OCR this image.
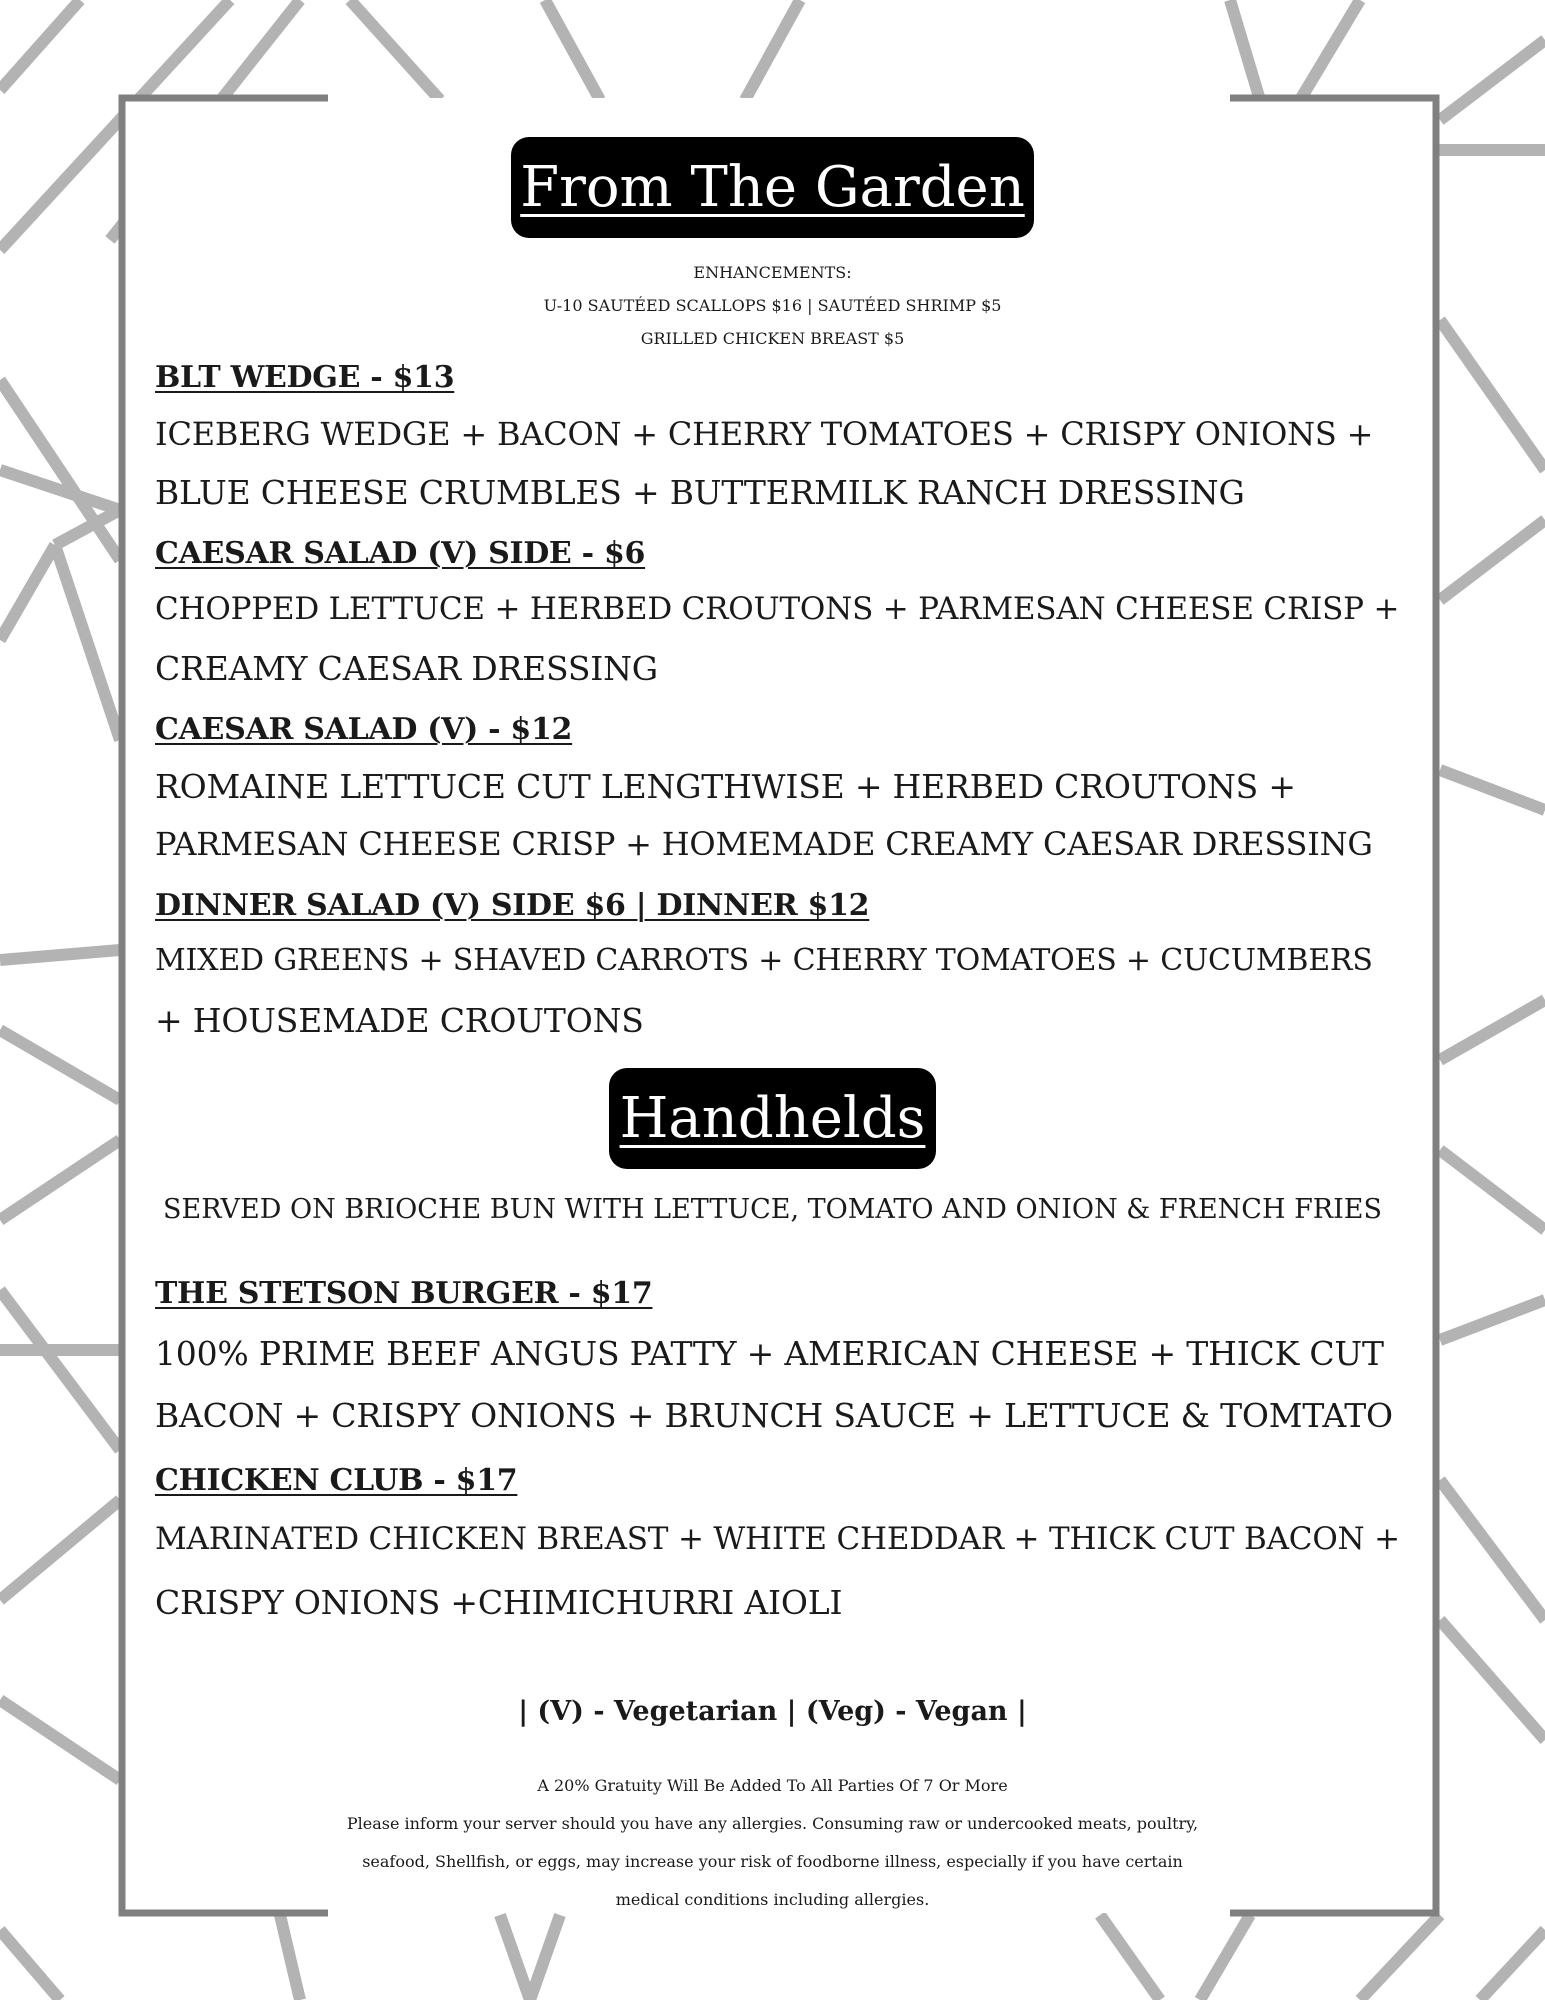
From The Garden
ENHANCEMENTS:
U-10 SAUTÉED SCALLOPS $16 | SAUTÉED SHRIMP $5
GRILLED CHICKEN BREAST $5
BLT WEDGE - $13
ICEBERG WEDGE + BACON + CHERRY TOMATOES + CRISPY ONIONS +
BLUE CHEESE CRUMBLES + BUTTERMILK RANCH DRESSING
CAESAR SALAD (V) SIDE - $6
CHOPPED LETTUCE + HERBED CROUTONS + PARMESAN CHEESE CRISP +
CREAMY CAESAR DRESSING
CAESAR SALAD (V) - $12
ROMAINE LETTUCE CUT LENGTHWISE + HERBED CROUTONS +
PARMESAN CHEESE CRISP + HOMEMADE CREAMY CAESAR DRESSING
DINNER SALAD (V) SIDE $6 | DINNER $12
MIXED GREENS + SHAVED CARROTS + CHERRY TOMATOES + CUCUMBERS
+ HOUSEMADE CROUTONS
Handhelds
SERVED ON BRIOCHE BUN WITH LETTUCE, TOMATO AND ONION & FRENCH FRIES
THE STETSON BURGER - $17
100% PRIME BEEF ANGUS PATTY + AMERICAN CHEESE + THICK CUT
BACON + CRISPY ONIONS + BRUNCH SAUCE + LETTUCE & TOMTATO
CHICKEN CLUB - $17
MARINATED CHICKEN BREAST + WHITE CHEDDAR + THICK CUT BACON +
CRISPY ONIONS +CHIMICHURRI AIOLI
| (V) - Vegetarian | (Veg) - Vegan |
A 20% Gratuity Will Be Added To All Parties Of 7 Or More
Please inform your server should you have any allergies. Consuming raw or undercooked meats, poultry,
seafood, Shellfish, or eggs, may increase your risk of foodborne illness, especially if you have certain
medical conditions including allergies.
